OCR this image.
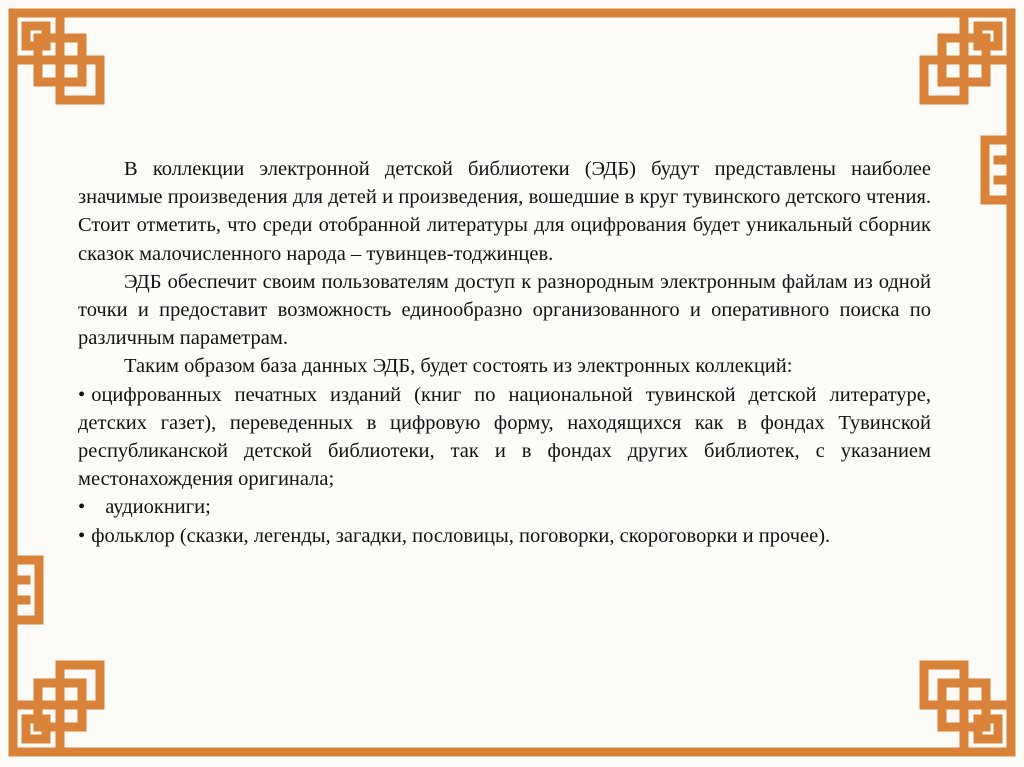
В коллекции электронной детской библиотеки (ЭДБ) будут представлены наиболее значимые произведения для детей и произведения, вошедшие в круг тувинского детского чтения. Стоит отметить, что среди отобранной литературы для оцифрования будет уникальный сборник сказок малочисленного народа – тувинцев-тоджинцев.

ЭДБ обеспечит своим пользователям доступ к разнородным электронным файлам из одной точки и предоставит возможность единообразно организованного и оперативного поиска по различным параметрам.

Таким образом база данных ЭДБ, будет состоять из электронных коллекций:

• оцифрованных печатных изданий (книг по национальной тувинской детской литературе, детских газет), переведенных в цифровую форму, находящихся как в фондах Тувинской республиканской детской библиотеки, так и в фондах других библиотек, с указанием местонахождения оригинала;
• аудиокниги;
• фольклор (сказки, легенды, загадки, пословицы, поговорки, скороговорки и прочее).
